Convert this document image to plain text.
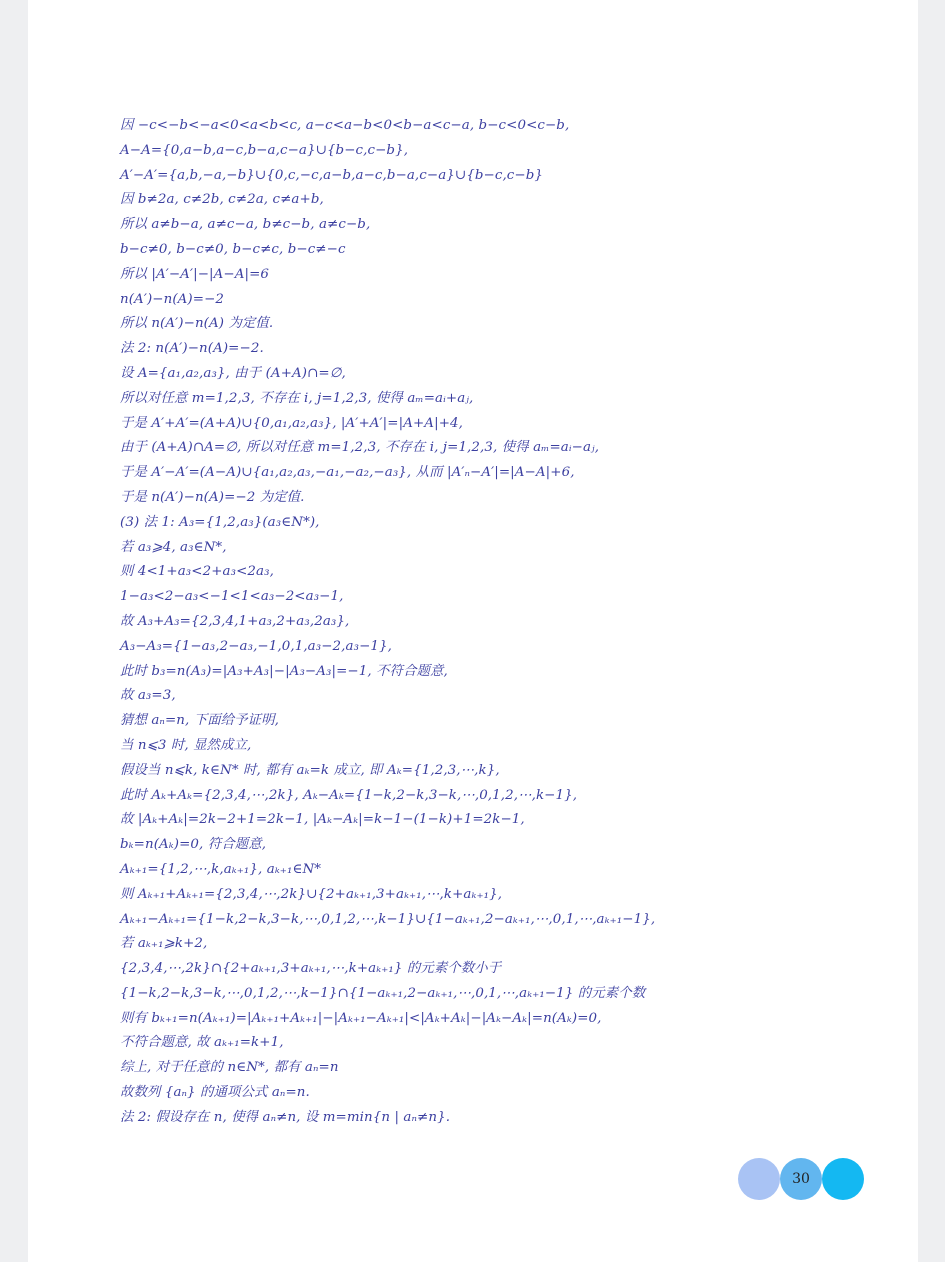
因 −c<−b<−a<0<a<b<c, a−c<a−b<0<b−a<c−a, b−c<0<c−b,
A−A={0,a−b,a−c,b−a,c−a}∪{b−c,c−b},
A′−A′={a,b,−a,−b}∪{0,c,−c,a−b,a−c,b−a,c−a}∪{b−c,c−b}
因 b≠2a, c≠2b, c≠2a, c≠a+b,
所以 a≠b−a, a≠c−a, b≠c−b, a≠c−b,
b−c≠0, b−c≠0, b−c≠c, b−c≠−c
所以 |A′−A′|−|A−A|=6
n(A′)−n(A)=−2
所以 n(A′)−n(A) 为定值.
法 2: n(A′)−n(A)=−2.
设 A={a₁,a₂,a₃}, 由于 (A+A)∩=∅,
所以对任意 m=1,2,3, 不存在 i, j=1,2,3, 使得 aₘ=aᵢ+aⱼ,
于是 A′+A′=(A+A)∪{0,a₁,a₂,a₃}, |A′+A′|=|A+A|+4,
由于 (A+A)∩A=∅, 所以对任意 m=1,2,3, 不存在 i, j=1,2,3, 使得 aₘ=aᵢ−aⱼ,
于是 A′−A′=(A−A)∪{a₁,a₂,a₃,−a₁,−a₂,−a₃}, 从而 |A′ₙ−A′|=|A−A|+6,
于是 n(A′)−n(A)=−2 为定值.
(3) 法 1: A₃={1,2,a₃}(a₃∈N*),
若 a₃⩾4, a₃∈N*,
则 4<1+a₃<2+a₃<2a₃,
1−a₃<2−a₃<−1<1<a₃−2<a₃−1,
故 A₃+A₃={2,3,4,1+a₃,2+a₃,2a₃},
A₃−A₃={1−a₃,2−a₃,−1,0,1,a₃−2,a₃−1},
此时 b₃=n(A₃)=|A₃+A₃|−|A₃−A₃|=−1, 不符合题意,
故 a₃=3,
猜想 aₙ=n, 下面给予证明,
当 n⩽3 时, 显然成立,
假设当 n⩽k, k∈N* 时, 都有 aₖ=k 成立, 即 Aₖ={1,2,3,⋯,k},
此时 Aₖ+Aₖ={2,3,4,⋯,2k}, Aₖ−Aₖ={1−k,2−k,3−k,⋯,0,1,2,⋯,k−1},
故 |Aₖ+Aₖ|=2k−2+1=2k−1, |Aₖ−Aₖ|=k−1−(1−k)+1=2k−1,
bₖ=n(Aₖ)=0, 符合题意,
Aₖ₊₁={1,2,⋯,k,aₖ₊₁}, aₖ₊₁∈N*
则 Aₖ₊₁+Aₖ₊₁={2,3,4,⋯,2k}∪{2+aₖ₊₁,3+aₖ₊₁,⋯,k+aₖ₊₁},
Aₖ₊₁−Aₖ₊₁={1−k,2−k,3−k,⋯,0,1,2,⋯,k−1}∪{1−aₖ₊₁,2−aₖ₊₁,⋯,0,1,⋯,aₖ₊₁−1},
若 aₖ₊₁⩾k+2,
{2,3,4,⋯,2k}∩{2+aₖ₊₁,3+aₖ₊₁,⋯,k+aₖ₊₁} 的元素个数小于
{1−k,2−k,3−k,⋯,0,1,2,⋯,k−1}∩{1−aₖ₊₁,2−aₖ₊₁,⋯,0,1,⋯,aₖ₊₁−1} 的元素个数
则有 bₖ₊₁=n(Aₖ₊₁)=|Aₖ₊₁+Aₖ₊₁|−|Aₖ₊₁−Aₖ₊₁|<|Aₖ+Aₖ|−|Aₖ−Aₖ|=n(Aₖ)=0,
不符合题意, 故 aₖ₊₁=k+1,
综上, 对于任意的 n∈N*, 都有 aₙ=n
故数列 {aₙ} 的通项公式 aₙ=n.
法 2: 假设存在 n, 使得 aₙ≠n, 设 m=min{n | aₙ≠n}.
30
